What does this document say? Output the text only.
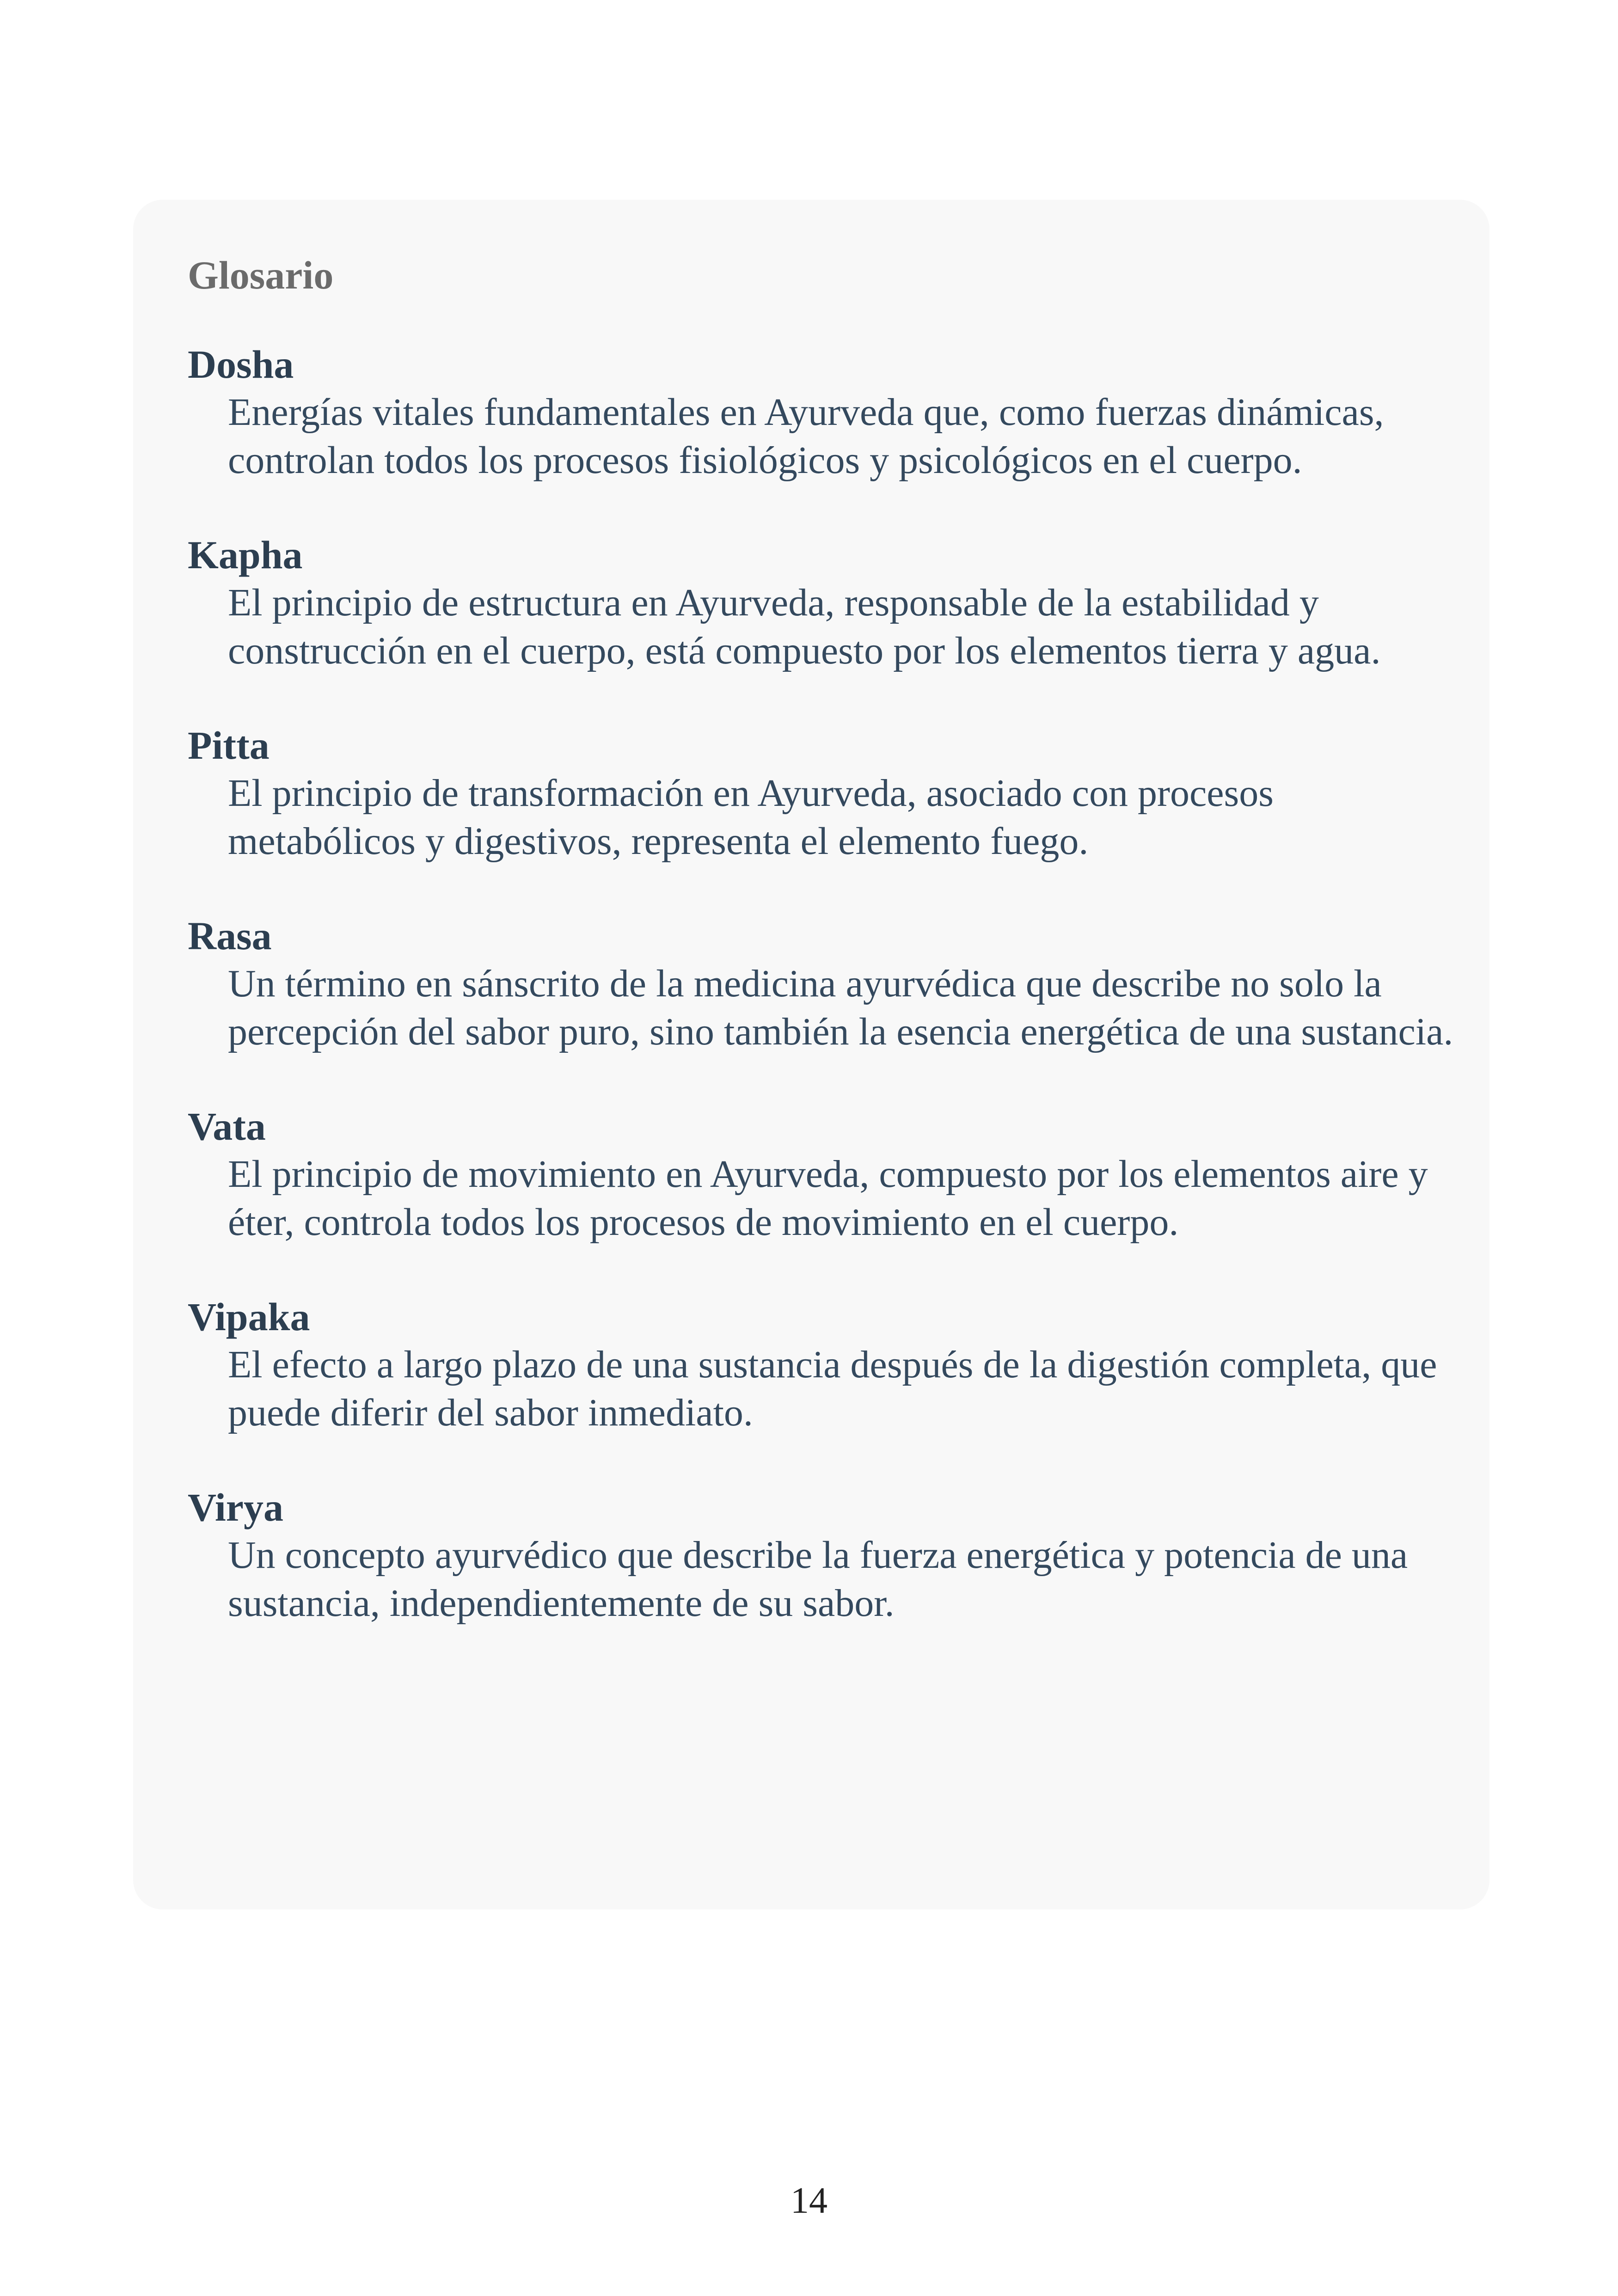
Glosario
Dosha
Energías vitales fundamentales en Ayurveda que, como fuerzas dinámicas, controlan todos los procesos fisiológicos y psicológicos en el cuerpo.
Kapha
El principio de estructura en Ayurveda, responsable de la estabilidad y construcción en el cuerpo, está compuesto por los elementos tierra y agua.
Pitta
El principio de transformación en Ayurveda, asociado con procesos metabólicos y digestivos, representa el elemento fuego.
Rasa
Un término en sánscrito de la medicina ayurvédica que describe no solo la percepción del sabor puro, sino también la esencia energética de una sustancia.
Vata
El principio de movimiento en Ayurveda, compuesto por los elementos aire y éter, controla todos los procesos de movimiento en el cuerpo.
Vipaka
El efecto a largo plazo de una sustancia después de la digestión completa, que puede diferir del sabor inmediato.
Virya
Un concepto ayurvédico que describe la fuerza energética y potencia de una sustancia, independientemente de su sabor.
14
